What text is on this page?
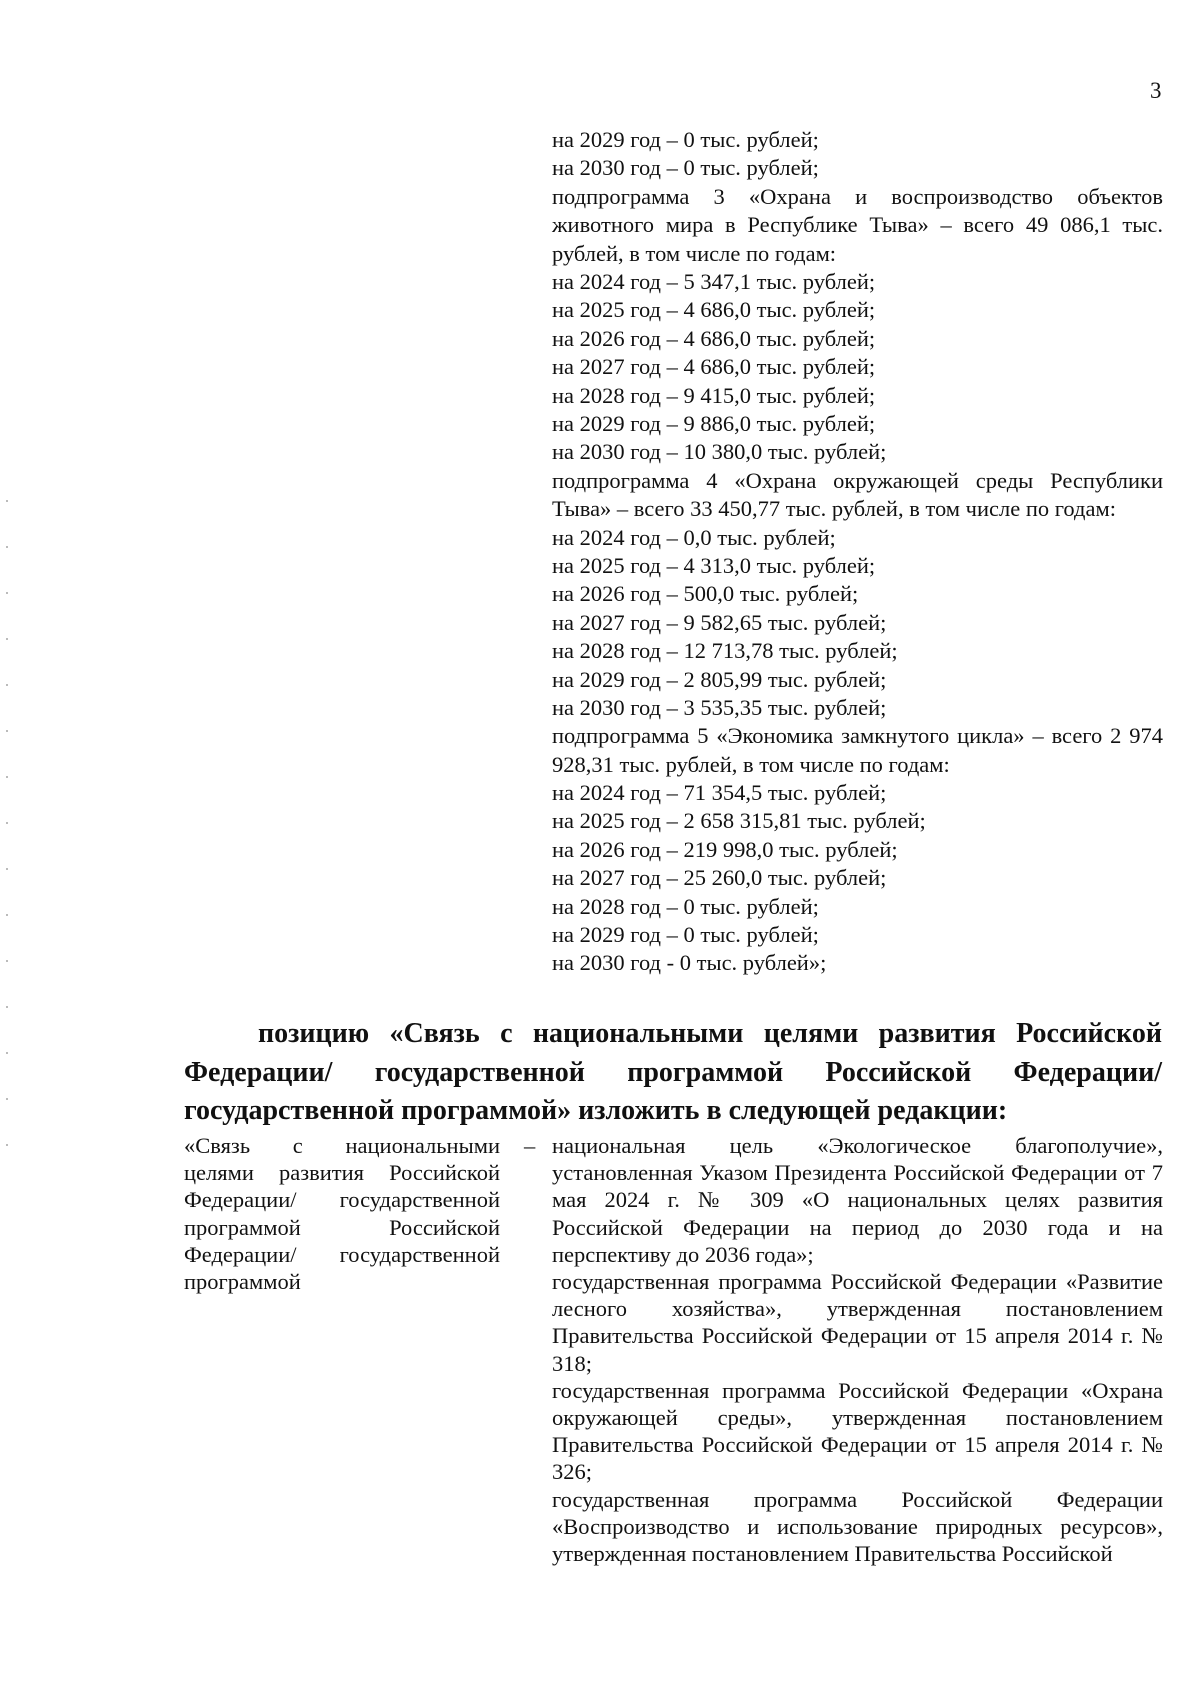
3
на 2029 год – 0 тыс. рублей;
на 2030 год – 0 тыс. рублей;
подпрограмма 3 «Охрана и воспроизводство объектов животного мира в Республике Тыва» – всего 49 086,1 тыс. рублей, в том числе по годам:
на 2024 год – 5 347,1 тыс. рублей;
на 2025 год – 4 686,0 тыс. рублей;
на 2026 год – 4 686,0 тыс. рублей;
на 2027 год – 4 686,0 тыс. рублей;
на 2028 год – 9 415,0 тыс. рублей;
на 2029 год – 9 886,0 тыс. рублей;
на 2030 год – 10 380,0 тыс. рублей;
подпрограмма 4 «Охрана окружающей среды Республики Тыва» – всего 33 450,77 тыс. рублей, в том числе по годам:
на 2024 год – 0,0 тыс. рублей;
на 2025 год – 4 313,0 тыс. рублей;
на 2026 год – 500,0 тыс. рублей;
на 2027 год – 9 582,65 тыс. рублей;
на 2028 год – 12 713,78 тыс. рублей;
на 2029 год – 2 805,99 тыс. рублей;
на 2030 год – 3 535,35 тыс. рублей;
подпрограмма 5 «Экономика замкнутого цикла» – всего 2 974 928,31 тыс. рублей, в том числе по годам:
на 2024 год – 71 354,5 тыс. рублей;
на 2025 год – 2 658 315,81 тыс. рублей;
на 2026 год – 219 998,0 тыс. рублей;
на 2027 год – 25 260,0 тыс. рублей;
на 2028 год – 0 тыс. рублей;
на 2029 год – 0 тыс. рублей;
на 2030 год - 0 тыс. рублей»;
позицию «Связь с национальными целями развития Российской Федерации/ государственной программой Российской Федерации/ государственной программой» изложить в следующей редакции:
«Связь с национальными целями развития Российской Федерации/ государственной программой Российской Федерации/ государственной программой
– национальная цель «Экологическое благополучие», установленная Указом Президента Российской Федерации от 7 мая 2024 г. № 309 «О национальных целях развития Российской Федерации на период до 2030 года и на перспективу до 2036 года»;

государственная программа Российской Федерации «Развитие лесного хозяйства», утвержденная постановлением Правительства Российской Федерации от 15 апреля 2014 г. № 318;

государственная программа Российской Федерации «Охрана окружающей среды», утвержденная постановлением Правительства Российской Федерации от 15 апреля 2014 г. № 326;

государственная программа Российской Федерации «Воспроизводство и использование природных ресурсов», утвержденная постановлением Правительства Российской
